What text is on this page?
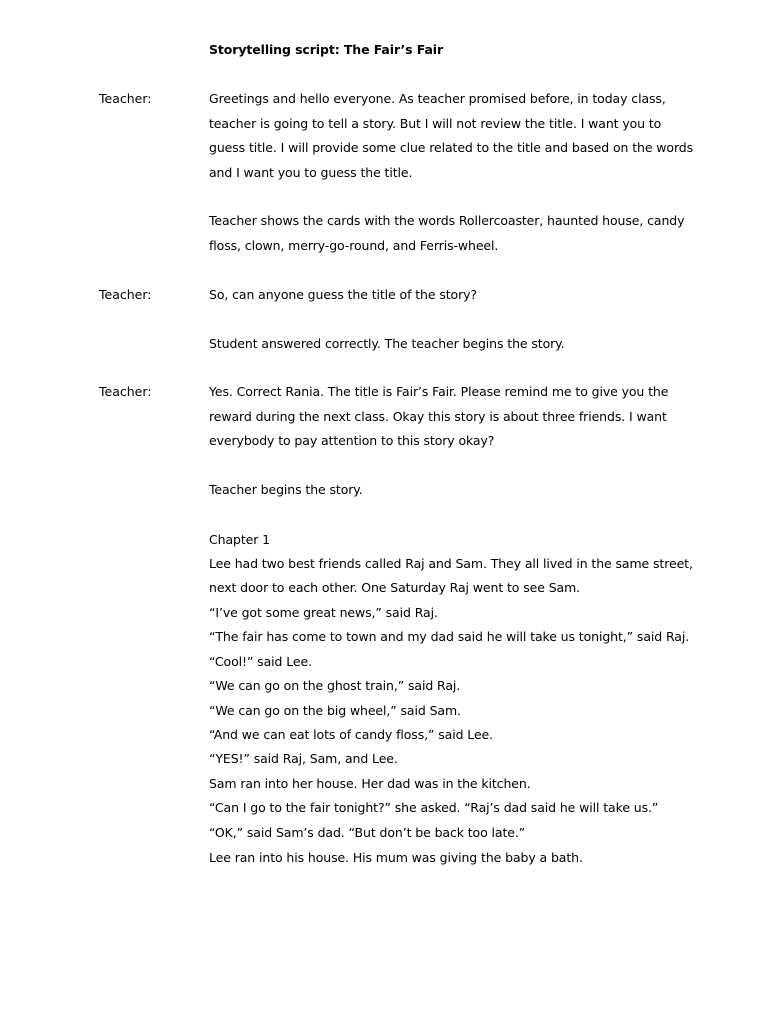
Storytelling script: The Fair’s Fair

Teacher:	Greetings and hello everyone. As teacher promised before, in today class,

teacher is going to tell a story. But I will not review the title. I want you to

guess title. I will provide some clue related to the title and based on the words

and I want you to guess the title.

Teacher shows the cards with the words Rollercoaster, haunted house, candy

floss, clown, merry-go-round, and Ferris-wheel.

Teacher:	So, can anyone guess the title of the story?

Student answered correctly. The teacher begins the story.

Teacher:	Yes. Correct Rania. The title is Fair’s Fair. Please remind me to give you the

reward during the next class. Okay this story is about three friends. I want

everybody to pay attention to this story okay?

Teacher begins the story.

Chapter 1

Lee had two best friends called Raj and Sam. They all lived in the same street,

next door to each other. One Saturday Raj went to see Sam.

“I’ve got some great news,” said Raj.

“The fair has come to town and my dad said he will take us tonight,” said Raj.

“Cool!” said Lee.

“We can go on the ghost train,” said Raj.

“We can go on the big wheel,” said Sam.

“And we can eat lots of candy floss,” said Lee.

“YES!” said Raj, Sam, and Lee.

Sam ran into her house. Her dad was in the kitchen.

“Can I go to the fair tonight?” she asked. “Raj’s dad said he will take us.”

“OK,” said Sam’s dad. “But don’t be back too late.”

Lee ran into his house. His mum was giving the baby a bath.
